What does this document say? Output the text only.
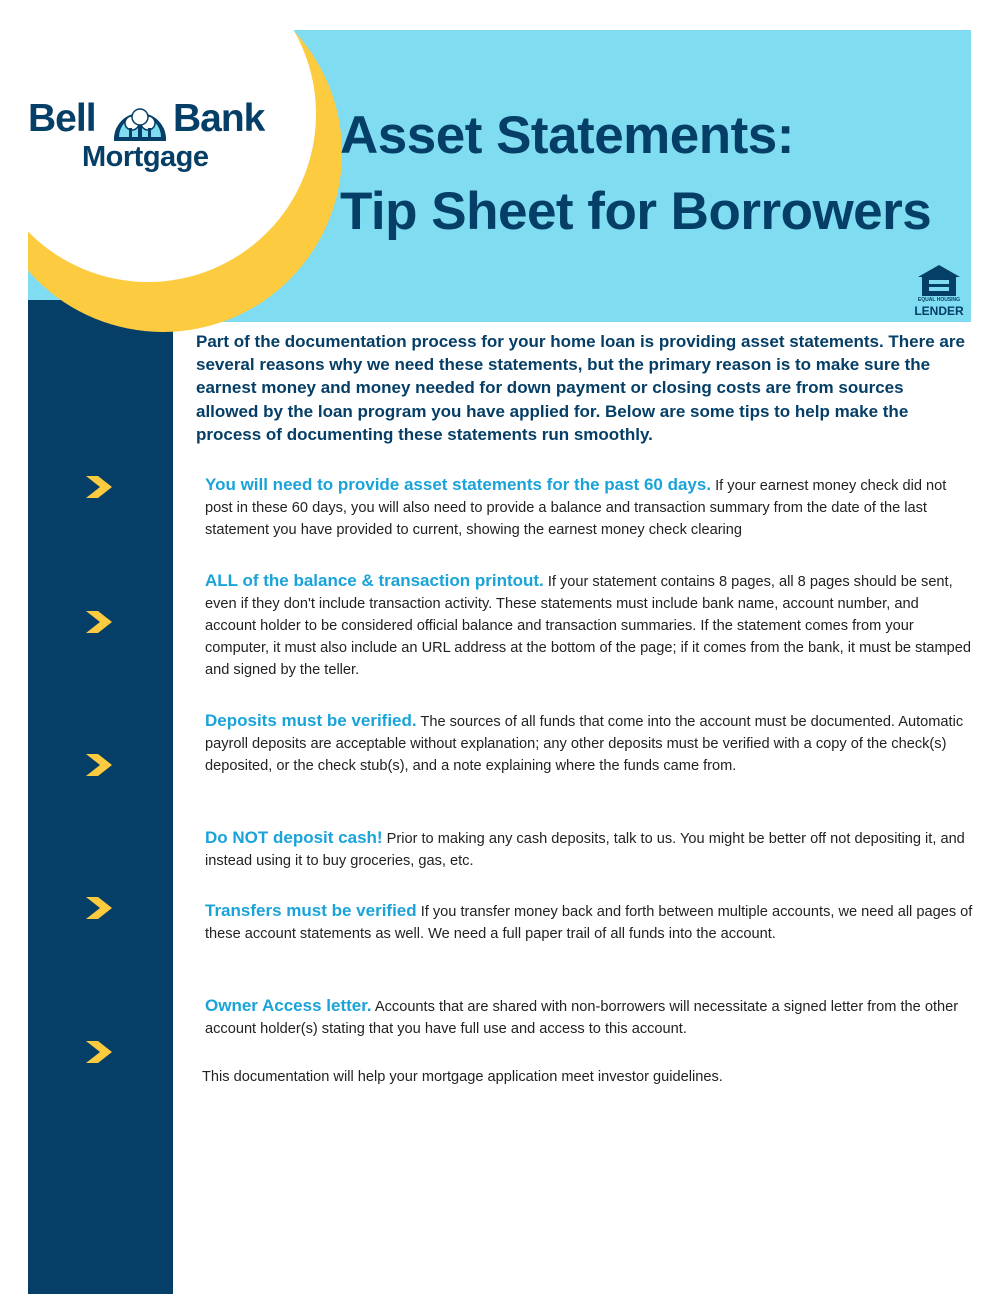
Bell Bank
Mortgage Asset Statements:
Tip Sheet for Borrowers
EQUAL HOUSING
LENDER
Part of the documentation process for your home loan is providing asset statements. There are several reasons why we need these statements, but the primary reason is to make sure the earnest money and money needed for down payment or closing costs are from sources allowed by the loan program you have applied for. Below are some tips to help make the process of documenting these statements run smoothly.
You will need to provide asset statements for the past 60 days. If your earnest money check did not post in these 60 days, you will also need to provide a balance and transaction summary from the date of the last statement you have provided to current, showing the earnest money check clearing
ALL of the balance & transaction printout. If your statement contains 8 pages, all 8 pages should be sent, even if they don't include transaction activity. These statements must include bank name, account number, and account holder to be considered official balance and transaction summaries. If the statement comes from your computer, it must also include an URL address at the bottom of the page; if it comes from the bank, it must be stamped and signed by the teller.
Deposits must be verified. The sources of all funds that come into the account must be documented. Automatic payroll deposits are acceptable without explanation; any other deposits must be verified with a copy of the check(s) deposited, or the check stub(s), and a note explaining where the funds came from.
Do NOT deposit cash! Prior to making any cash deposits, talk to us. You might be better off not depositing it, and instead using it to buy groceries, gas, etc.
Transfers must be verified If you transfer money back and forth between multiple accounts, we need all pages of these account statements as well. We need a full paper trail of all funds into the account.
Owner Access letter. Accounts that are shared with non-borrowers will necessitate a signed letter from the other account holder(s) stating that you have full use and access to this account.
This documentation will help your mortgage application meet investor guidelines.
